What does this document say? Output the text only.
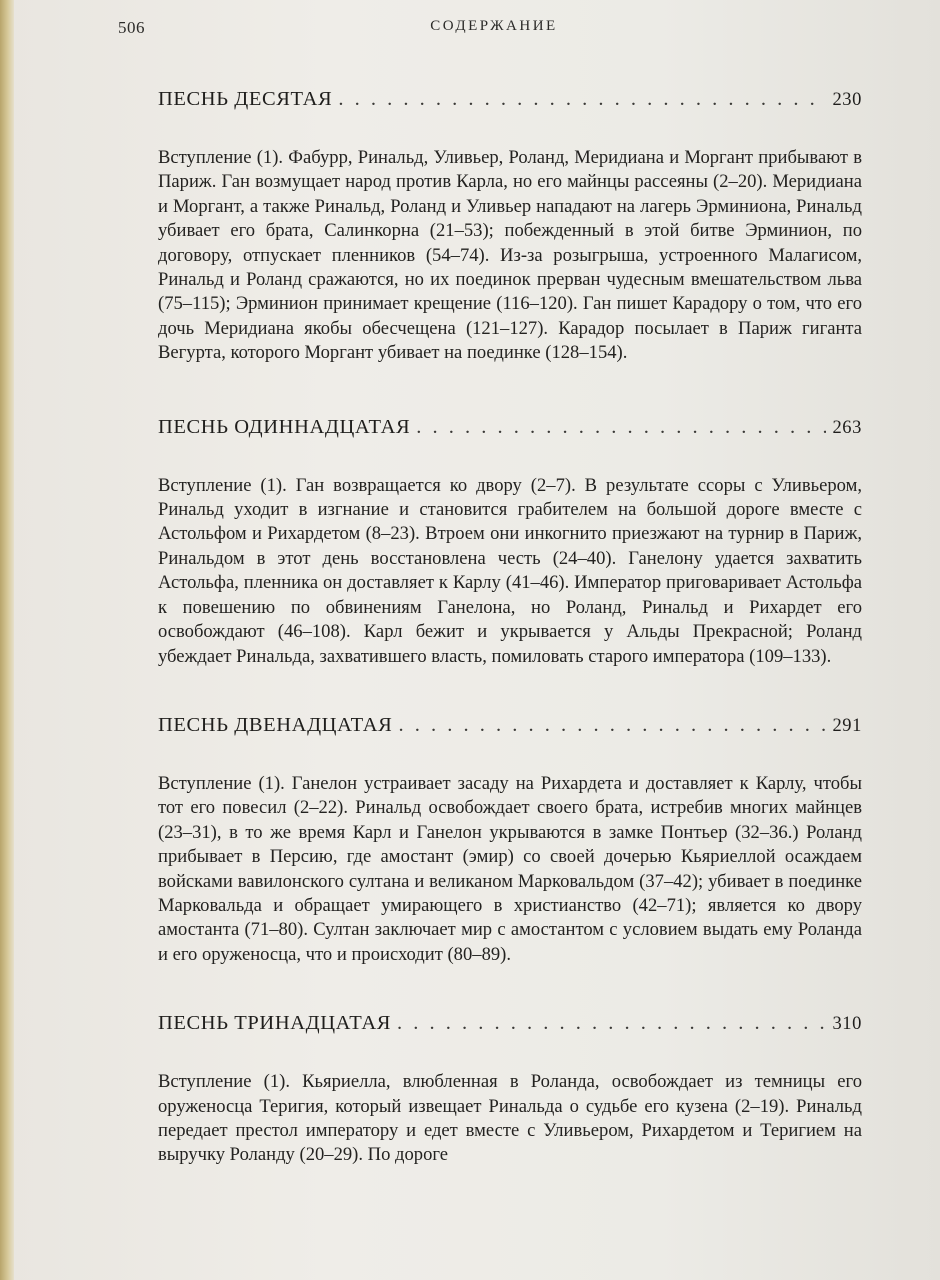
506	СОДЕРЖАНИЕ
ПЕСНЬ ДЕСЯТАЯ . . .	230

Вступление (1). Фабурр, Ринальд, Уливьер, Роланд, Меридиана и Моргант прибывают в Париж. Ган возмущает народ против Карла, но его майнцы рассеяны (2–20). Меридиана и Моргант, а также Ринальд, Роланд и Уливьер нападают на лагерь Эрминиона, Ринальд убивает его брата, Салинкорна (21–53); побежденный в этой битве Эрминион, по договору, отпускает пленников (54–74). Из-за розыгрыша, устроенного Малагисом, Ринальд и Роланд сражаются, но их поединок прерван чудесным вмешательством льва (75–115); Эрминион принимает крещение (116–120). Ган пишет Карадору о том, что его дочь Меридиана якобы обесчещена (121–127). Карадор посылает в Париж гиганта Вегурта, которого Моргант убивает на поединке (128–154).

ПЕСНЬ ОДИННАДЦАТАЯ . . .	263

Вступление (1). Ган возвращается ко двору (2–7). В результате ссоры с Уливьером, Ринальд уходит в изгнание и становится грабителем на большой дороге вместе с Астольфом и Рихардетом (8–23). Втроем они инкогнито приезжают на турнир в Париж, Ринальдом в этот день восстановлена честь (24–40). Ганелону удается захватить Астольфа, пленника он доставляет к Карлу (41–46). Император приговаривает Астольфа к повешению по обвинениям Ганелона, но Роланд, Ринальд и Рихардет его освобождают (46–108). Карл бежит и укрывается у Альды Прекрасной; Роланд убеждает Ринальда, захватившего власть, помиловать старого императора (109–133).

ПЕСНЬ ДВЕНАДЦАТАЯ . . .	291

Вступление (1). Ганелон устраивает засаду на Рихардета и доставляет к Карлу, чтобы тот его повесил (2–22). Ринальд освобождает своего брата, истребив многих майнцев (23–31), в то же время Карл и Ганелон укрываются в замке Понтьер (32–36.) Роланд прибывает в Персию, где амостант (эмир) со своей дочерью Кьяриеллой осаждаем войсками вавилонского султана и великаном Марковальдом (37–42); убивает в поединке Марковальда и обращает умирающего в христианство (42–71); является ко двору амостанта (71–80). Султан заключает мир с амостантом с условием выдать ему Роланда и его оруженосца, что и происходит (80–89).

ПЕСНЬ ТРИНАДЦАТАЯ . . .	310

Вступление (1). Кьяриелла, влюбленная в Роланда, освобождает из темницы его оруженосца Теригия, который извещает Ринальда о судьбе его кузена (2–19). Ринальд передает престол императору и едет вместе с Уливьером, Рихардетом и Теригием на выручку Роланду (20–29). По дороге
